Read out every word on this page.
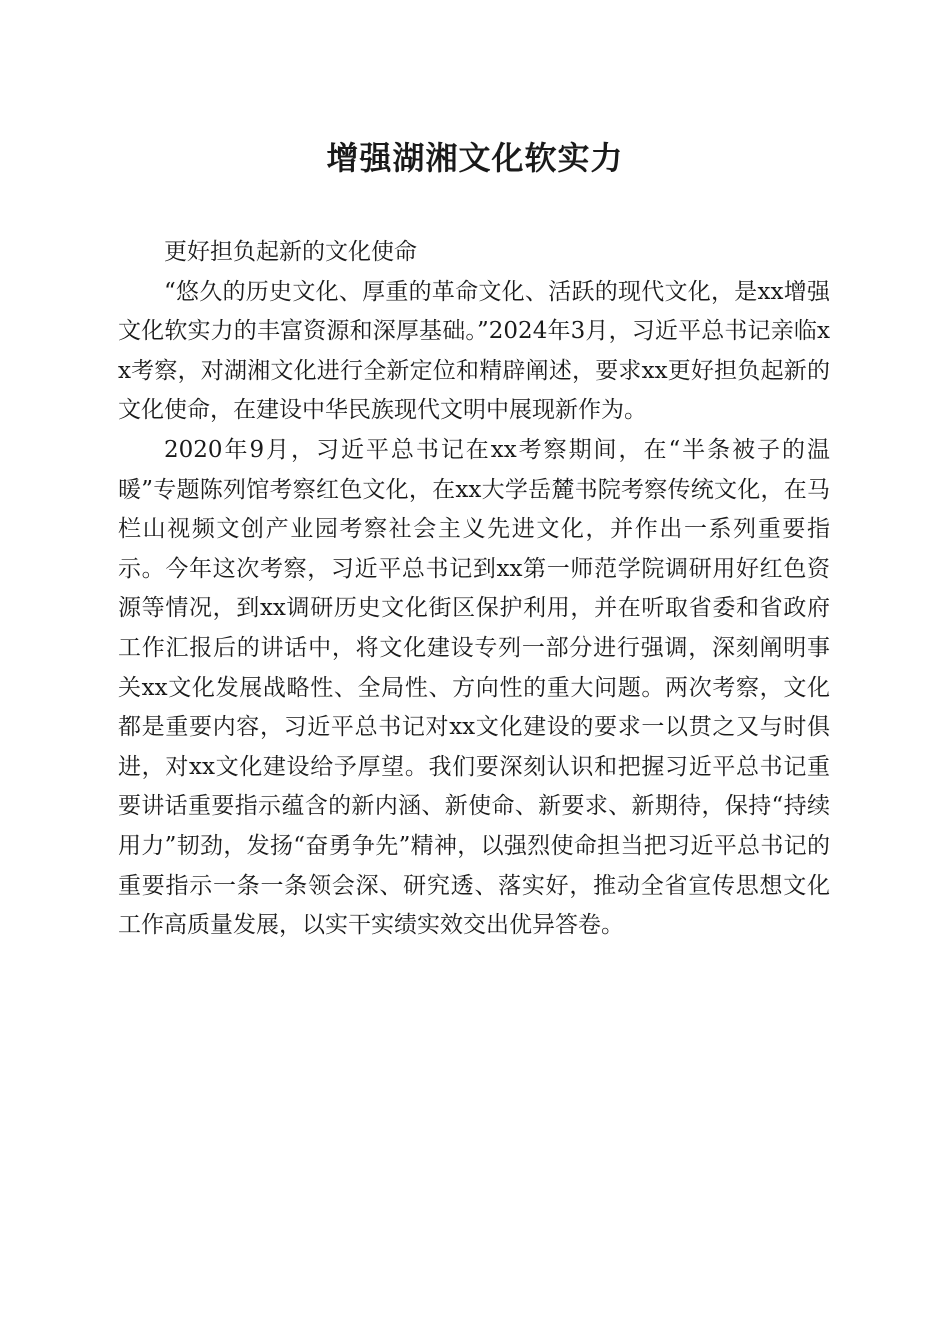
增强湖湘文化软实力

更好担负起新的文化使命

“悠久的历史文化、厚重的革命文化、活跃的现代文化，是xx增强文化软实力的丰富资源和深厚基础。”2024年3月，习近平总书记亲临xx考察，对湖湘文化进行全新定位和精辟阐述，要求xx更好担负起新的文化使命，在建设中华民族现代文明中展现新作为。

2020年9月，习近平总书记在xx考察期间，在“半条被子的温暖”专题陈列馆考察红色文化，在xx大学岳麓书院考察传统文化，在马栏山视频文创产业园考察社会主义先进文化，并作出一系列重要指示。今年这次考察，习近平总书记到xx第一师范学院调研用好红色资源等情况，到xx调研历史文化街区保护利用，并在听取省委和省政府工作汇报后的讲话中，将文化建设专列一部分进行强调，深刻阐明事关xx文化发展战略性、全局性、方向性的重大问题。两次考察，文化都是重要内容，习近平总书记对xx文化建设的要求一以贯之又与时俱进，对xx文化建设给予厚望。我们要深刻认识和把握习近平总书记重要讲话重要指示蕴含的新内涵、新使命、新要求、新期待，保持“持续用力”韧劲，发扬“奋勇争先”精神，以强烈使命担当把习近平总书记的重要指示一条一条领会深、研究透、落实好，推动全省宣传思想文化工作高质量发展，以实干实绩实效交出优异答卷。
